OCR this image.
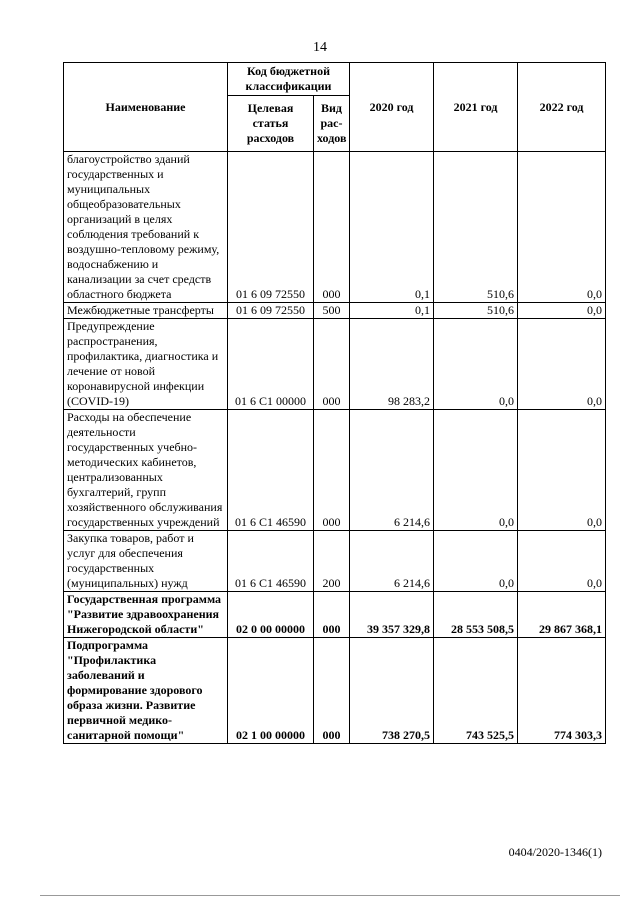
14
Наименование	Код бюджетной классификации		2020 год	2021 год	2022 год
	Целевая статья расходов	Вид рас-ходов			
благоустройство зданий государственных и муниципальных общеобразовательных организаций в целях соблюдения требований к воздушно-тепловому режиму, водоснабжению и канализации за счет средств областного бюджета	01 6 09 72550	000	0,1	510,6	0,0
Межбюджетные трансферты	01 6 09 72550	500	0,1	510,6	0,0
Предупреждение распространения, профилактика, диагностика и лечение от новой коронавирусной инфекции (COVID-19)	01 6 C1 00000	000	98 283,2	0,0	0,0
Расходы на обеспечение деятельности государственных учебно-методических кабинетов, централизованных бухгалтерий, групп хозяйственного обслуживания государственных учреждений	01 6 C1 46590	000	6 214,6	0,0	0,0
Закупка товаров, работ и услуг для обеспечения государственных (муниципальных) нужд	01 6 C1 46590	200	6 214,6	0,0	0,0
Государственная программа "Развитие здравоохранения Нижегородской области"	02 0 00 00000	000	39 357 329,8	28 553 508,5	29 867 368,1
Подпрограмма "Профилактика заболеваний и формирование здорового образа жизни. Развитие первичной медико-санитарной помощи"	02 1 00 00000	000	738 270,5	743 525,5	774 303,3
0404/2020-1346(1)
